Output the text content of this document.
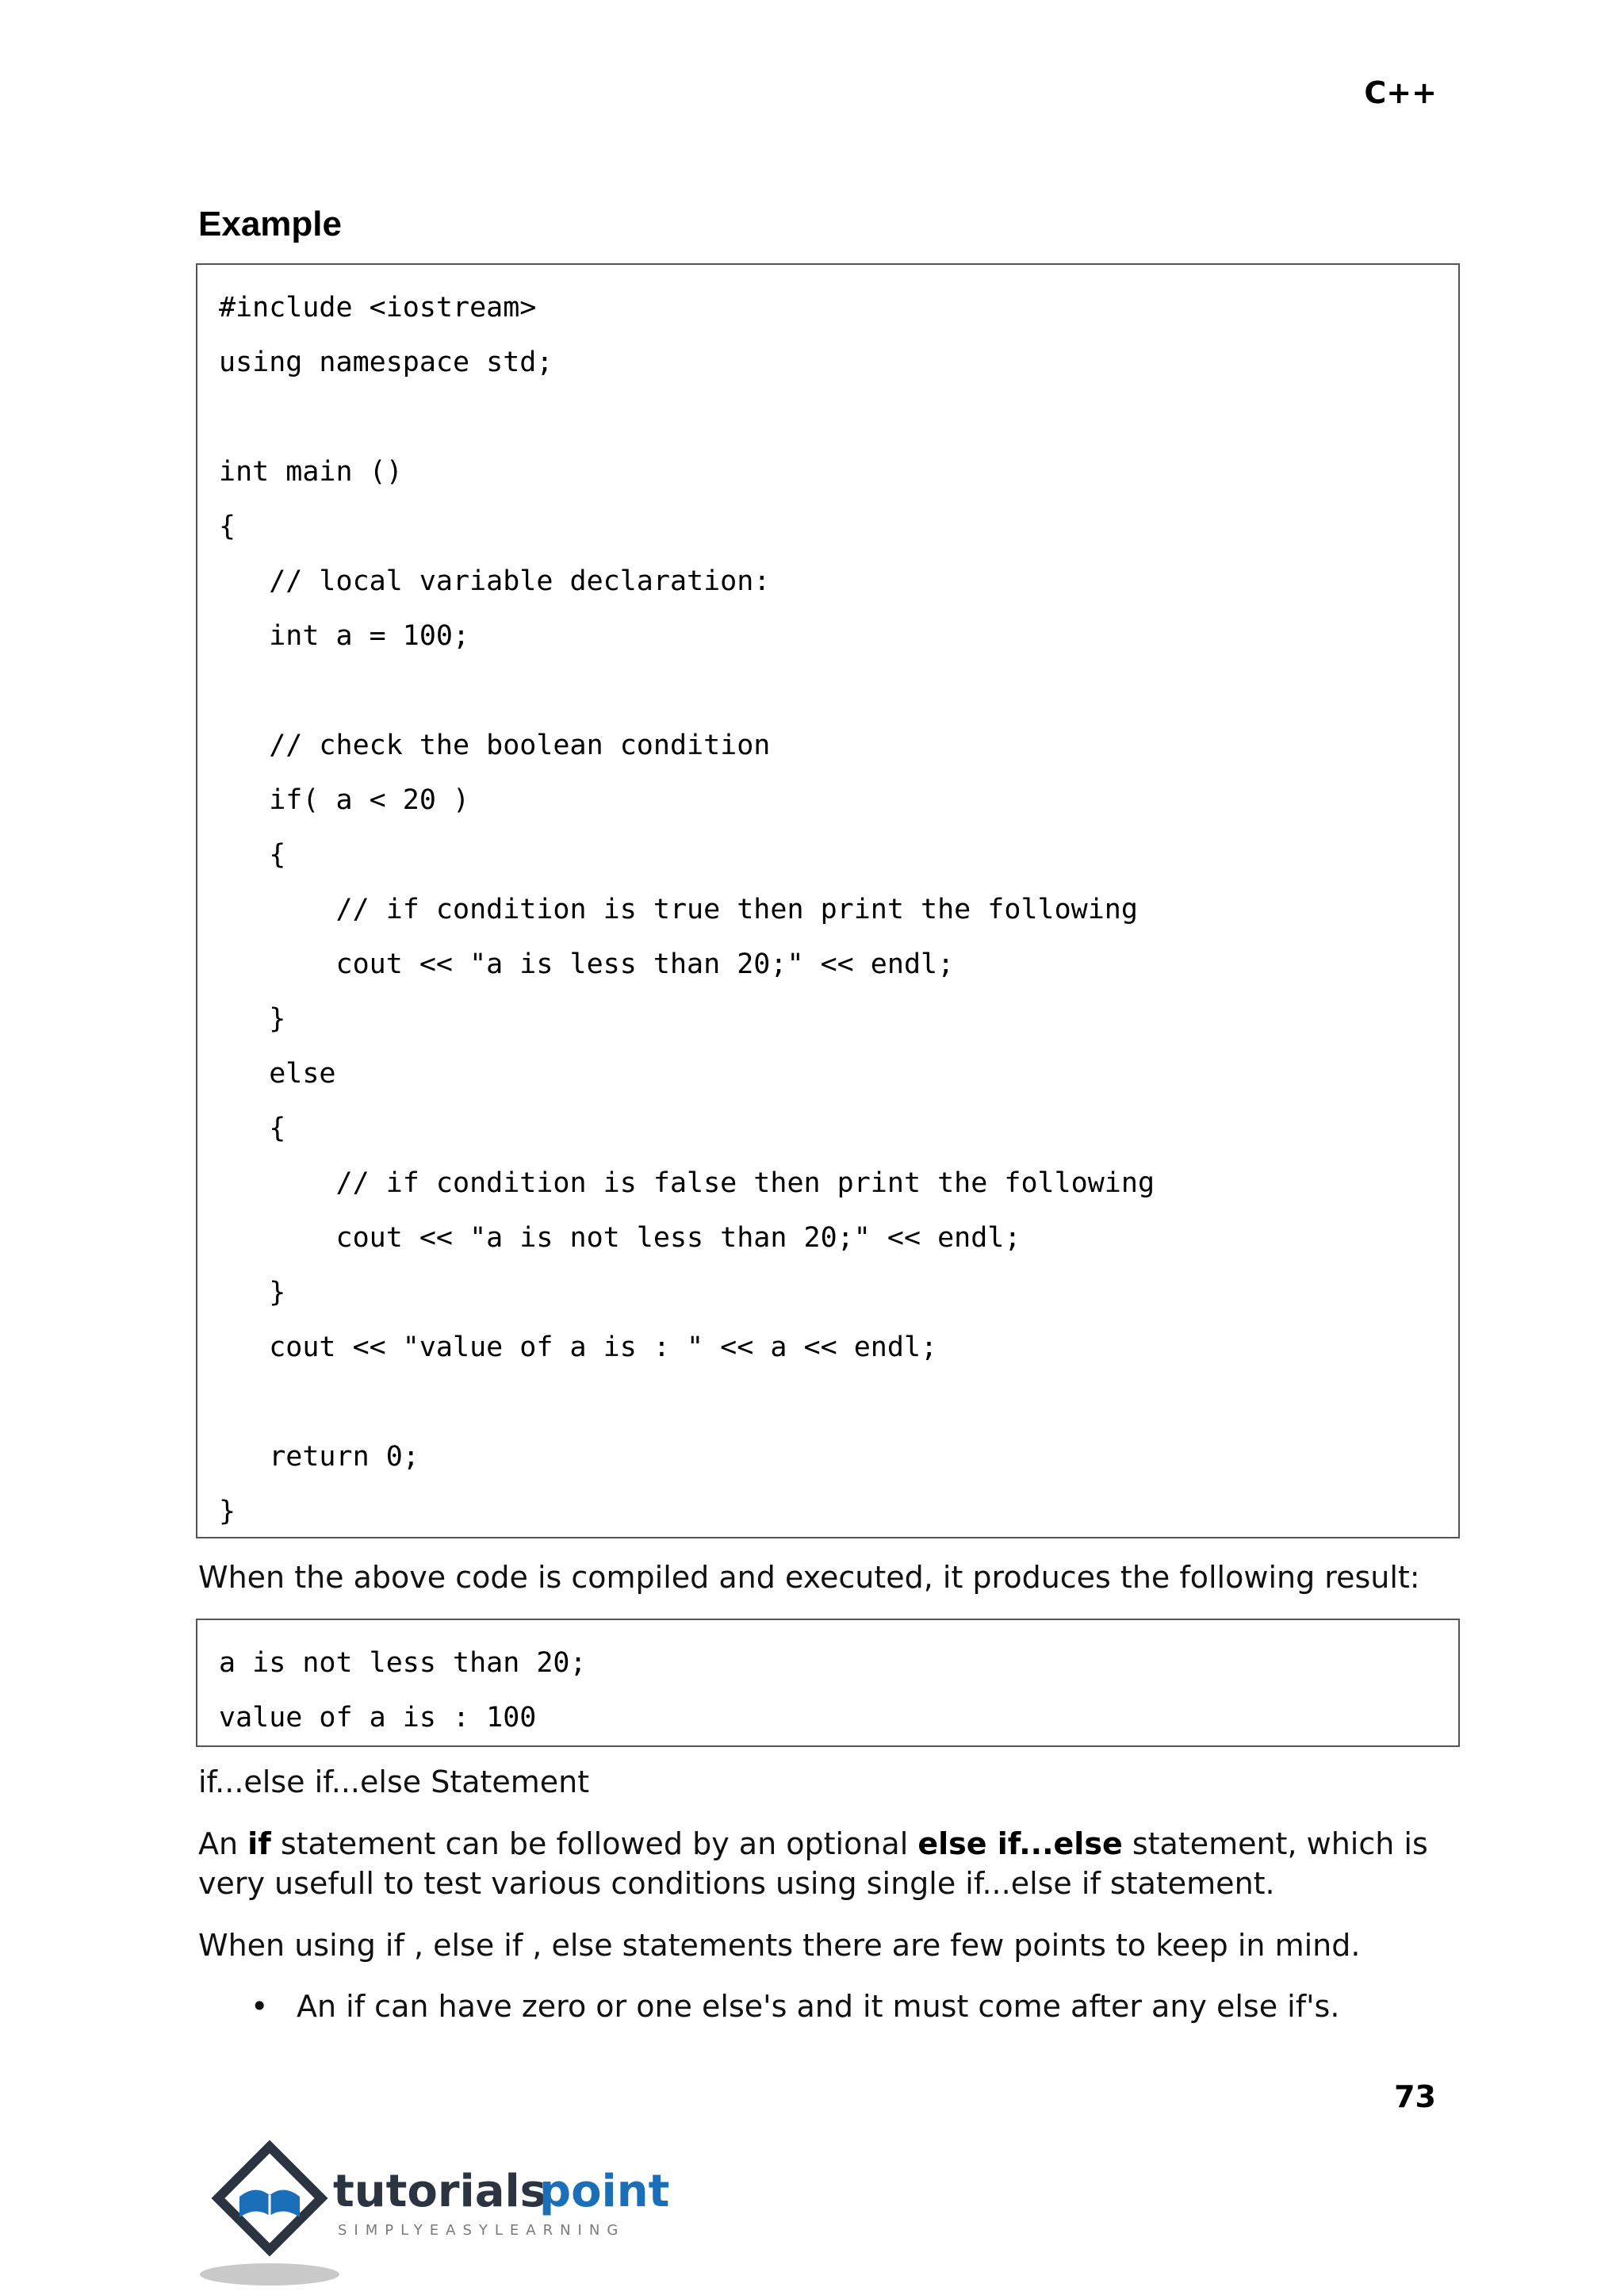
C++
Example
#include <iostream>
using namespace std;
int main ()
{
// local variable declaration:
int a = 100;
// check the boolean condition
if( a < 20 )
{
// if condition is true then print the following
cout << "a is less than 20;" << endl;
}
else
{
// if condition is false then print the following
cout << "a is not less than 20;" << endl;
}
cout << "value of a is : " << a << endl;
return 0;
}
When the above code is compiled and executed, it produces the following result:
a is not less than 20;
value of a is : 100
if...else if...else Statement
An if statement can be followed by an optional else if...else statement, which is very usefull to test various conditions using single if...else if statement.
When using if , else if , else statements there are few points to keep in mind.
• An if can have zero or one else's and it must come after any else if's.
73
tutorials
point
SIMPLYEASYLEARNING
